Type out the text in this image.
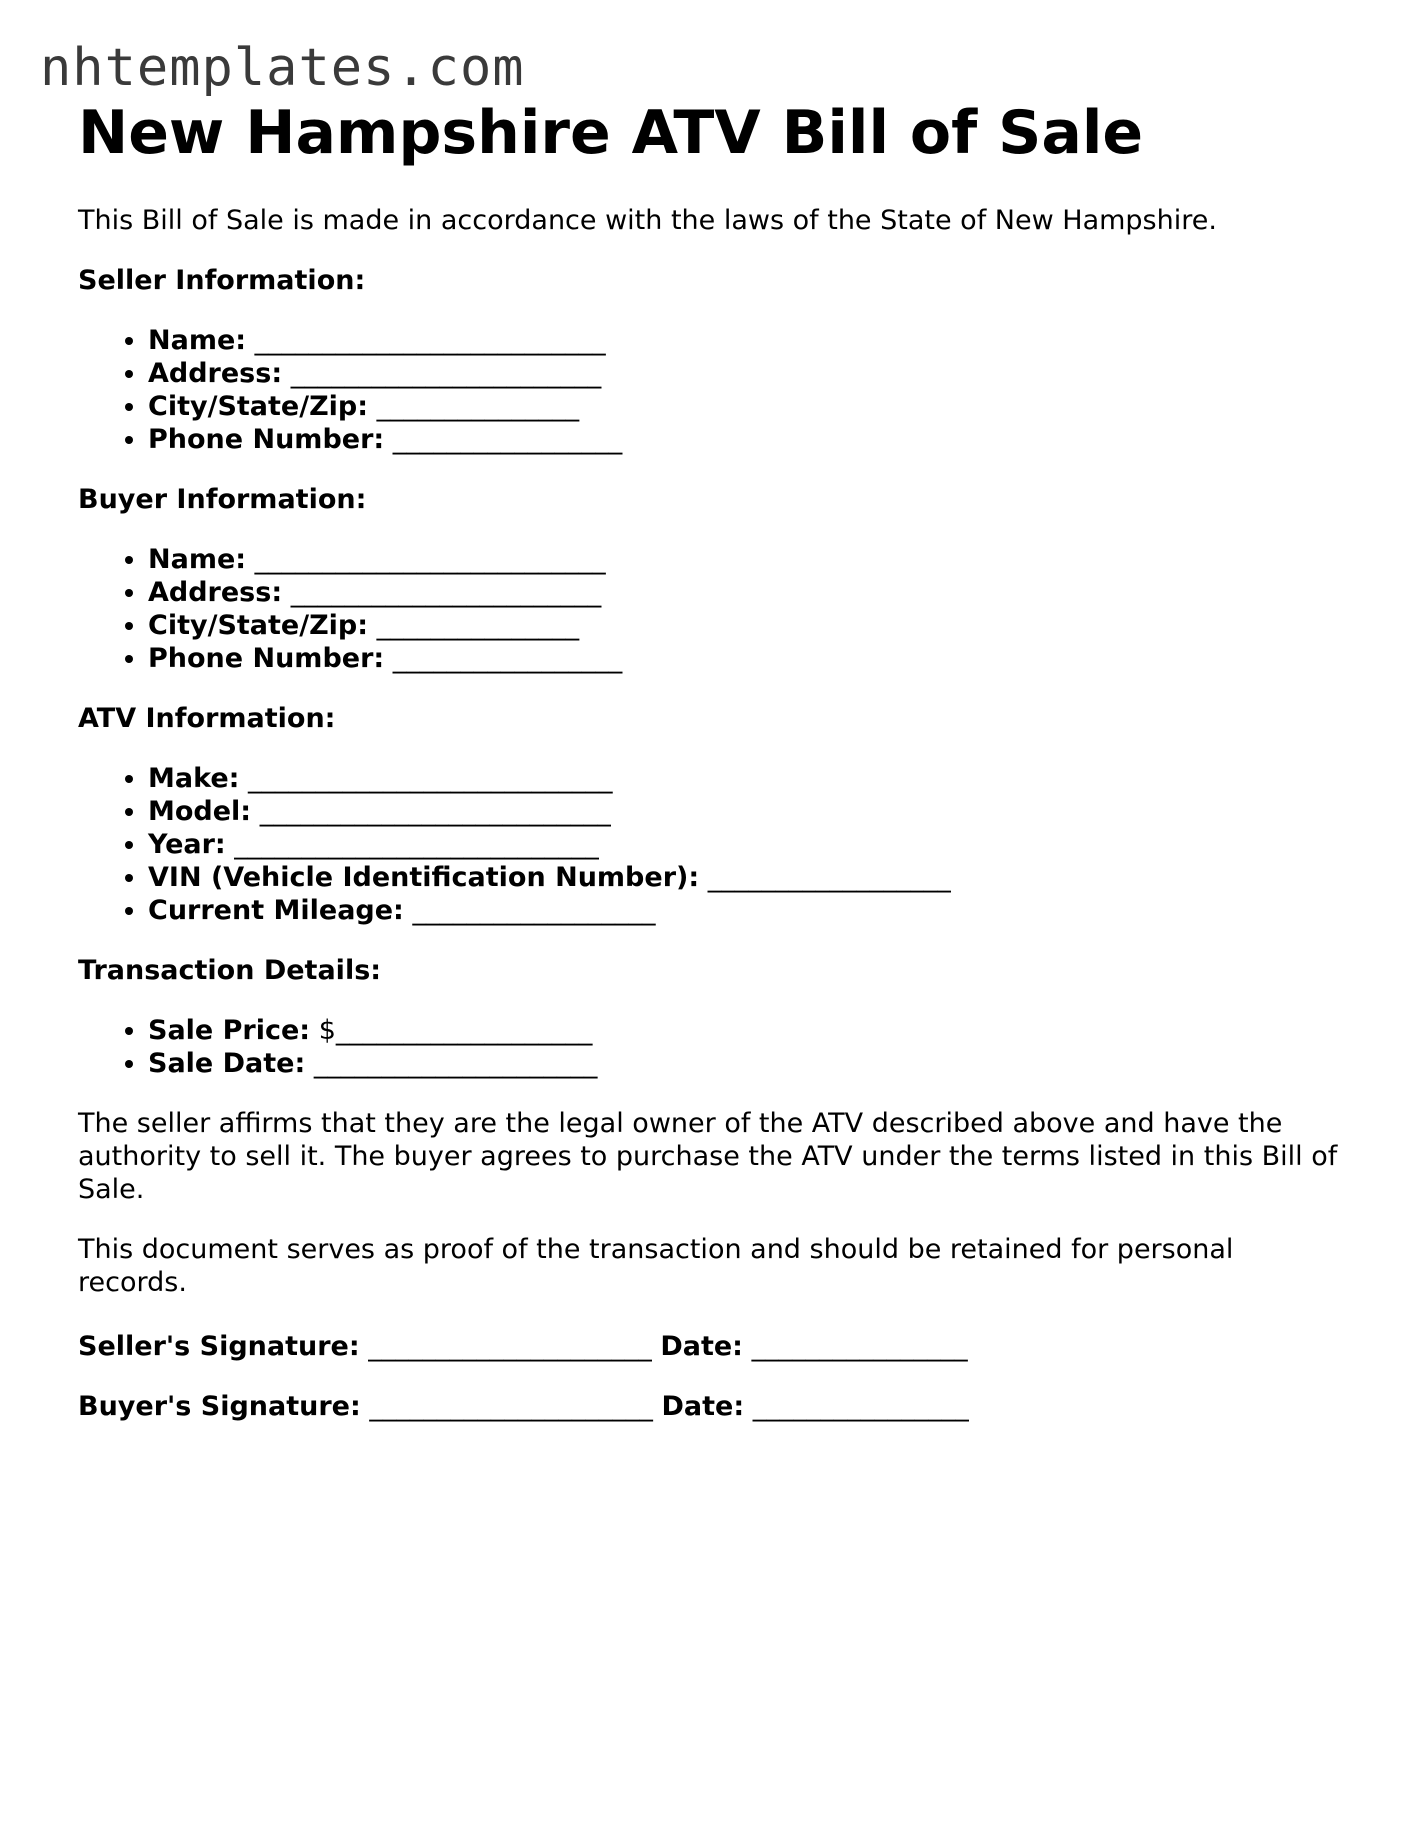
nhtemplates.com
New Hampshire ATV Bill of Sale

This Bill of Sale is made in accordance with the laws of the State of New Hampshire.

Seller Information:

• Name: __________________________
• Address: _______________________
• City/State/Zip: _______________
• Phone Number: _________________

Buyer Information:

• Name: __________________________
• Address: _______________________
• City/State/Zip: _______________
• Phone Number: _________________

ATV Information:

• Make: ___________________________
• Model: __________________________
• Year: ___________________________
• VIN (Vehicle Identification Number): __________________
• Current Mileage: __________________

Transaction Details:

• Sale Price: $___________________
• Sale Date: _____________________

The seller affirms that they are the legal owner of the ATV described above and have the authority to sell it. The buyer agrees to purchase the ATV under the terms listed in this Bill of Sale.

This document serves as proof of the transaction and should be retained for personal records.

Seller's Signature: _____________________ Date: ________________

Buyer's Signature: _____________________ Date: ________________
